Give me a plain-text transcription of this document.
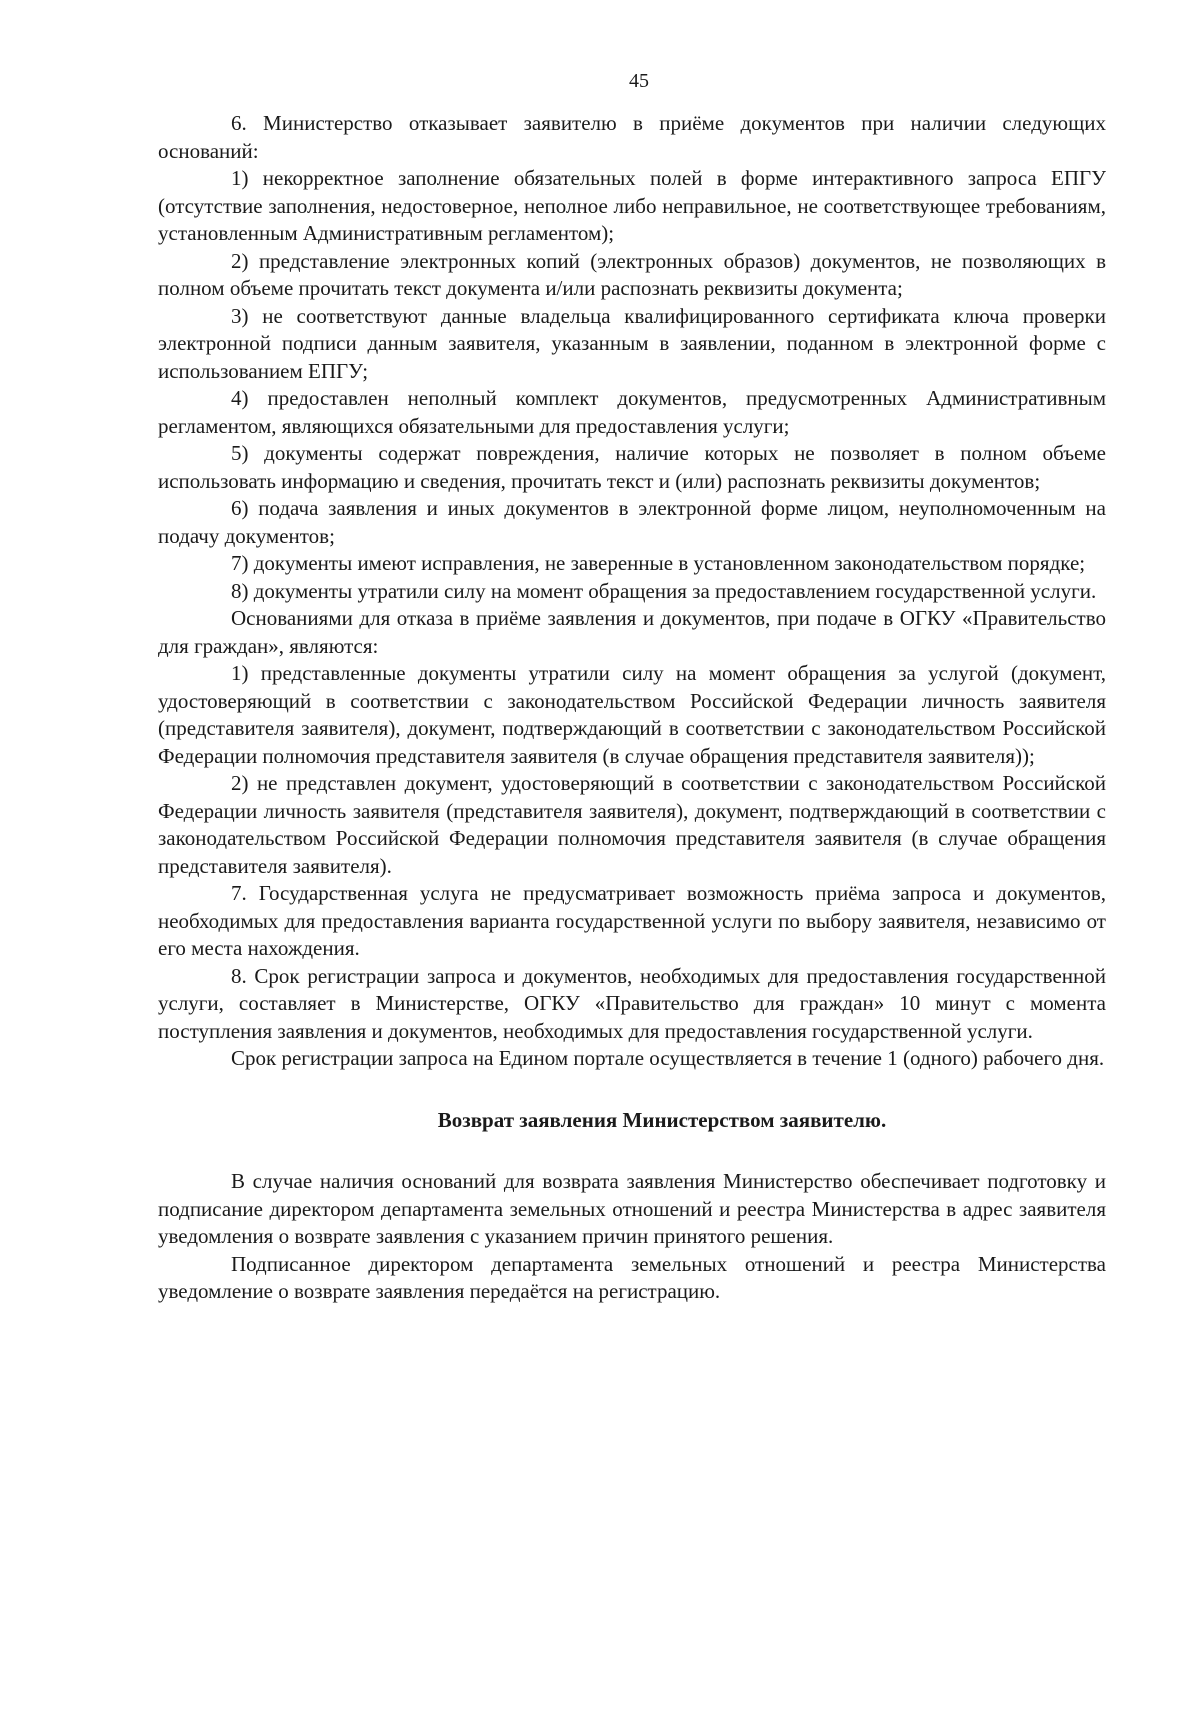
45

6. Министерство отказывает заявителю в приёме документов при наличии следующих оснований:

1) некорректное заполнение обязательных полей в форме интерактивного запроса ЕПГУ (отсутствие заполнения, недостоверное, неполное либо неправильное, не соответствующее требованиям, установленным Административным регламентом);

2) представление электронных копий (электронных образов) документов, не позволяющих в полном объеме прочитать текст документа и/или распознать реквизиты документа;

3) не соответствуют данные владельца квалифицированного сертификата ключа проверки электронной подписи данным заявителя, указанным в заявлении, поданном в электронной форме с использованием ЕПГУ;

4) предоставлен неполный комплект документов, предусмотренных Административным регламентом, являющихся обязательными для предоставления услуги;

5) документы содержат повреждения, наличие которых не позволяет в полном объеме использовать информацию и сведения, прочитать текст и (или) распознать реквизиты документов;

6) подача заявления и иных документов в электронной форме лицом, неуполномоченным на подачу документов;

7) документы имеют исправления, не заверенные в установленном законодательством порядке;

8) документы утратили силу на момент обращения за предоставлением государственной услуги.

Основаниями для отказа в приёме заявления и документов, при подаче в ОГКУ «Правительство для граждан», являются:

1) представленные документы утратили силу на момент обращения за услугой (документ, удостоверяющий в соответствии с законодательством Российской Федерации личность заявителя (представителя заявителя), документ, подтверждающий в соответствии с законодательством Российской Федерации полномочия представителя заявителя (в случае обращения представителя заявителя));

2) не представлен документ, удостоверяющий в соответствии с законодательством Российской Федерации личность заявителя (представителя заявителя), документ, подтверждающий в соответствии с законодательством Российской Федерации полномочия представителя заявителя (в случае обращения представителя заявителя).

7. Государственная услуга не предусматривает возможность приёма запроса и документов, необходимых для предоставления варианта государственной услуги по выбору заявителя, независимо от его места нахождения.

8. Срок регистрации запроса и документов, необходимых для предоставления государственной услуги, составляет в Министерстве, ОГКУ «Правительство для граждан» 10 минут с момента поступления заявления и документов, необходимых для предоставления государственной услуги.

Срок регистрации запроса на Едином портале осуществляется в течение 1 (одного) рабочего дня.

Возврат заявления Министерством заявителю.

В случае наличия оснований для возврата заявления Министерство обеспечивает подготовку и подписание директором департамента земельных отношений и реестра Министерства в адрес заявителя уведомления о возврате заявления с указанием причин принятого решения.

Подписанное директором департамента земельных отношений и реестра Министерства уведомление о возврате заявления передаётся на регистрацию.
